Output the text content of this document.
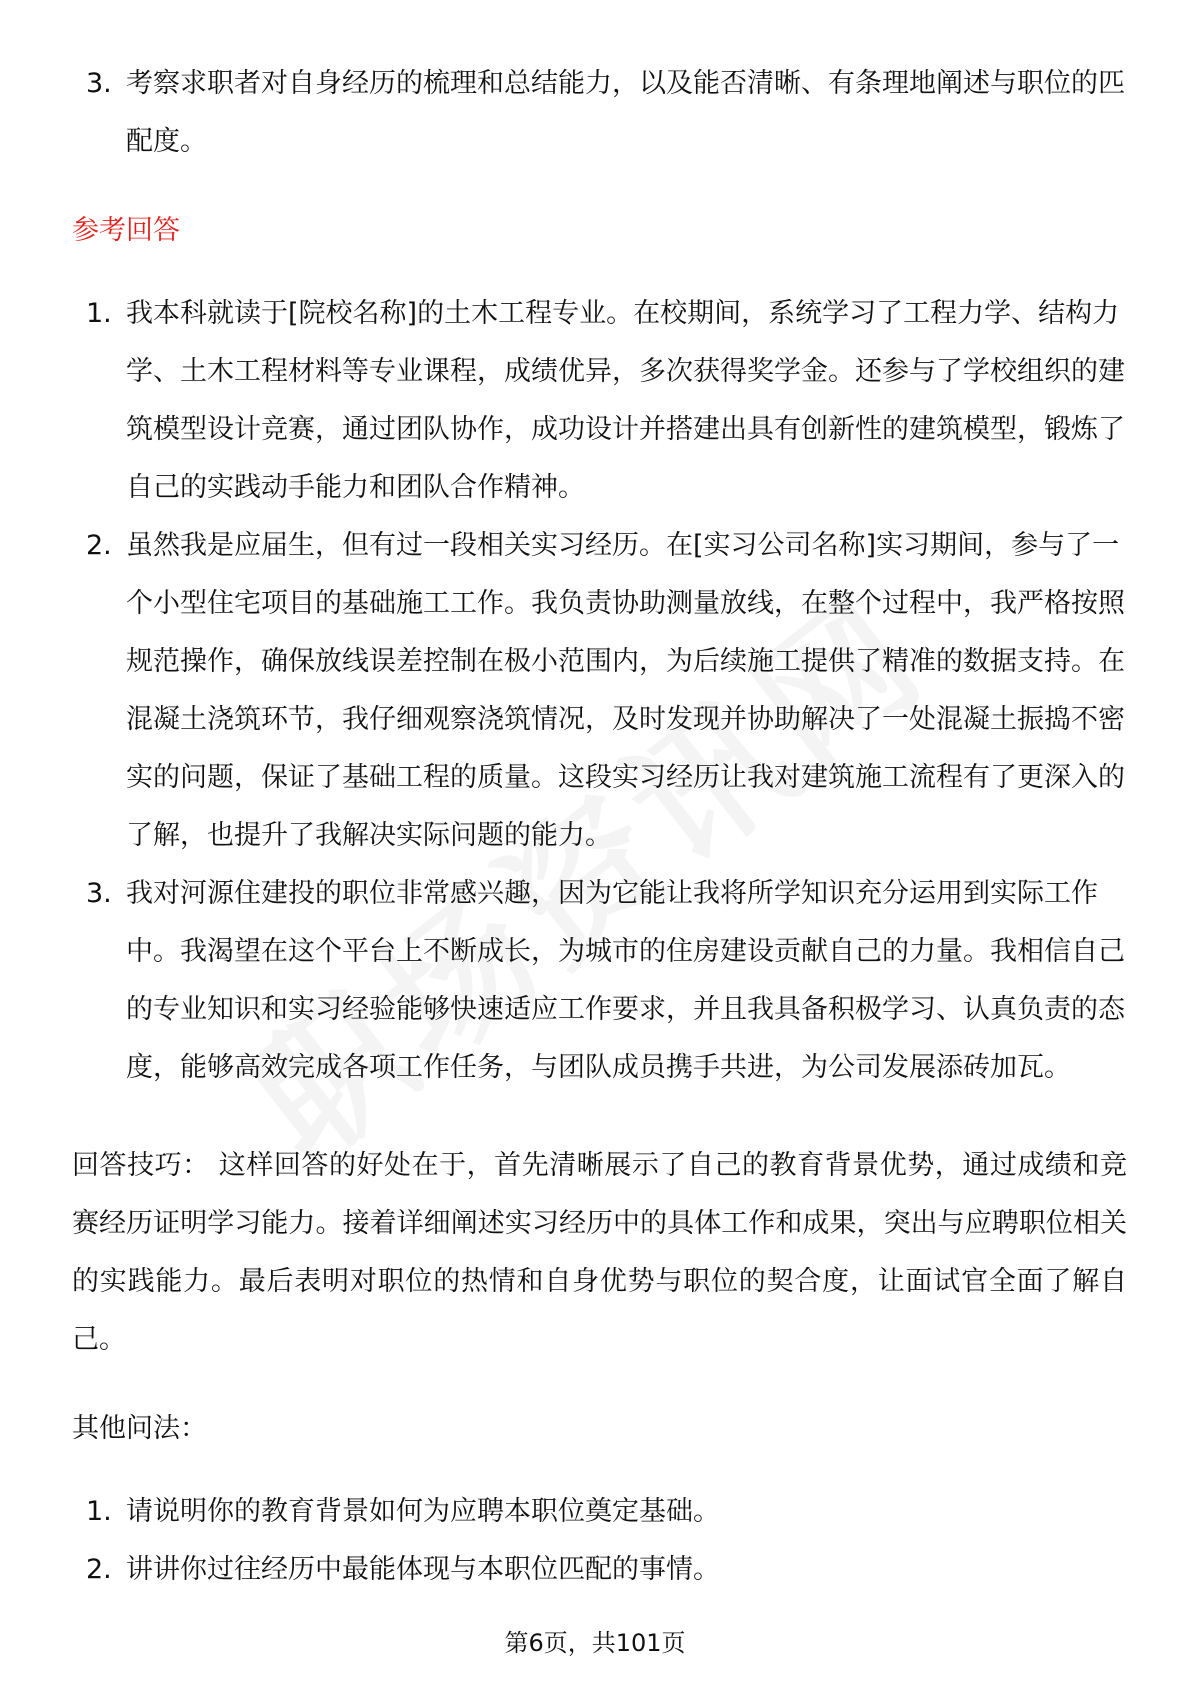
3. 考察求职者对自身经历的梳理和总结能力，以及能否清晰、有条理地阐述与职位的匹配度。
参考回答
1. 我本科就读于[院校名称]的土木工程专业。在校期间，系统学习了工程力学、结构力学、土木工程材料等专业课程，成绩优异，多次获得奖学金。还参与了学校组织的建筑模型设计竞赛，通过团队协作，成功设计并搭建出具有创新性的建筑模型，锻炼了自己的实践动手能力和团队合作精神。
2. 虽然我是应届生，但有过一段相关实习经历。在[实习公司名称]实习期间，参与了一个小型住宅项目的基础施工工作。我负责协助测量放线，在整个过程中，我严格按照规范操作，确保放线误差控制在极小范围内，为后续施工提供了精准的数据支持。在混凝土浇筑环节，我仔细观察浇筑情况，及时发现并协助解决了一处混凝土振捣不密实的问题，保证了基础工程的质量。这段实习经历让我对建筑施工流程有了更深入的了解，也提升了我解决实际问题的能力。
3. 我对河源住建投的职位非常感兴趣，因为它能让我将所学知识充分运用到实际工作中。我渴望在这个平台上不断成长，为城市的住房建设贡献自己的力量。我相信自己的专业知识和实习经验能够快速适应工作要求，并且我具备积极学习、认真负责的态度，能够高效完成各项工作任务，与团队成员携手共进，为公司发展添砖加瓦。
回答技巧： 这样回答的好处在于，首先清晰展示了自己的教育背景优势，通过成绩和竞赛经历证明学习能力。接着详细阐述实习经历中的具体工作和成果，突出与应聘职位相关的实践能力。最后表明对职位的热情和自身优势与职位的契合度，让面试官全面了解自己。
其他问法：
1. 请说明你的教育背景如何为应聘本职位奠定基础。
2. 讲讲你过往经历中最能体现与本职位匹配的事情。
第6页，共101页
